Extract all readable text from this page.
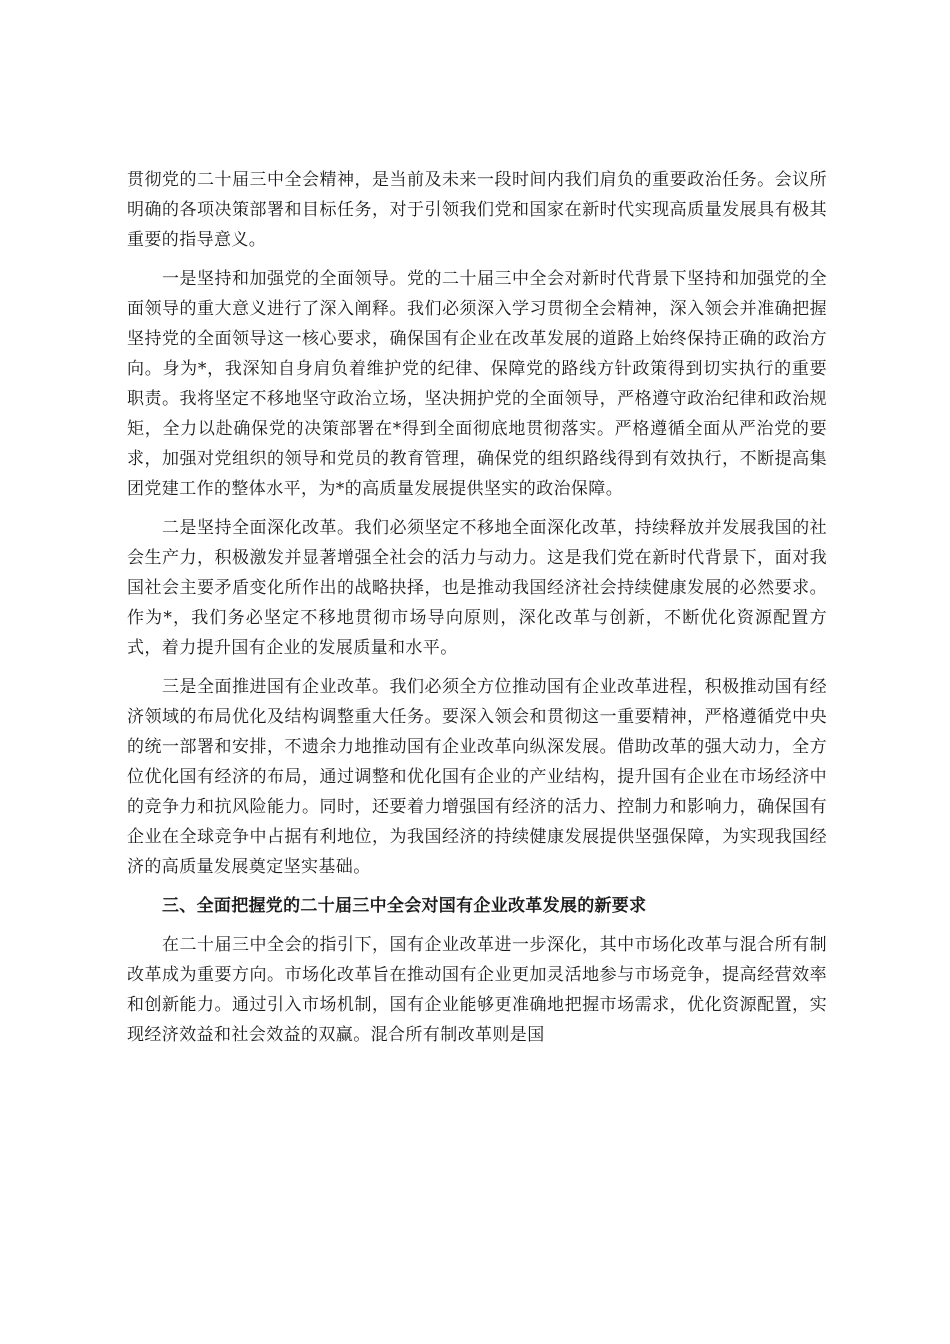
贯彻党的二十届三中全会精神，是当前及未来一段时间内我们肩负的重要政治任务。会议所明确的各项决策部署和目标任务，对于引领我们党和国家在新时代实现高质量发展具有极其重要的指导意义。

一是坚持和加强党的全面领导。党的二十届三中全会对新时代背景下坚持和加强党的全面领导的重大意义进行了深入阐释。我们必须深入学习贯彻全会精神，深入领会并准确把握坚持党的全面领导这一核心要求，确保国有企业在改革发展的道路上始终保持正确的政治方向。身为*，我深知自身肩负着维护党的纪律、保障党的路线方针政策得到切实执行的重要职责。我将坚定不移地坚守政治立场，坚决拥护党的全面领导，严格遵守政治纪律和政治规矩，全力以赴确保党的决策部署在*得到全面彻底地贯彻落实。严格遵循全面从严治党的要求，加强对党组织的领导和党员的教育管理，确保党的组织路线得到有效执行，不断提高集团党建工作的整体水平，为*的高质量发展提供坚实的政治保障。

二是坚持全面深化改革。我们必须坚定不移地全面深化改革，持续释放并发展我国的社会生产力，积极激发并显著增强全社会的活力与动力。这是我们党在新时代背景下，面对我国社会主要矛盾变化所作出的战略抉择，也是推动我国经济社会持续健康发展的必然要求。作为*，我们务必坚定不移地贯彻市场导向原则，深化改革与创新，不断优化资源配置方式，着力提升国有企业的发展质量和水平。

三是全面推进国有企业改革。我们必须全方位推动国有企业改革进程，积极推动国有经济领域的布局优化及结构调整重大任务。要深入领会和贯彻这一重要精神，严格遵循党中央的统一部署和安排，不遗余力地推动国有企业改革向纵深发展。借助改革的强大动力，全方位优化国有经济的布局，通过调整和优化国有企业的产业结构，提升国有企业在市场经济中的竞争力和抗风险能力。同时，还要着力增强国有经济的活力、控制力和影响力，确保国有企业在全球竞争中占据有利地位，为我国经济的持续健康发展提供坚强保障，为实现我国经济的高质量发展奠定坚实基础。

三、全面把握党的二十届三中全会对国有企业改革发展的新要求

在二十届三中全会的指引下，国有企业改革进一步深化，其中市场化改革与混合所有制改革成为重要方向。市场化改革旨在推动国有企业更加灵活地参与市场竞争，提高经营效率和创新能力。通过引入市场机制，国有企业能够更准确地把握市场需求，优化资源配置，实现经济效益和社会效益的双赢。混合所有制改革则是国
